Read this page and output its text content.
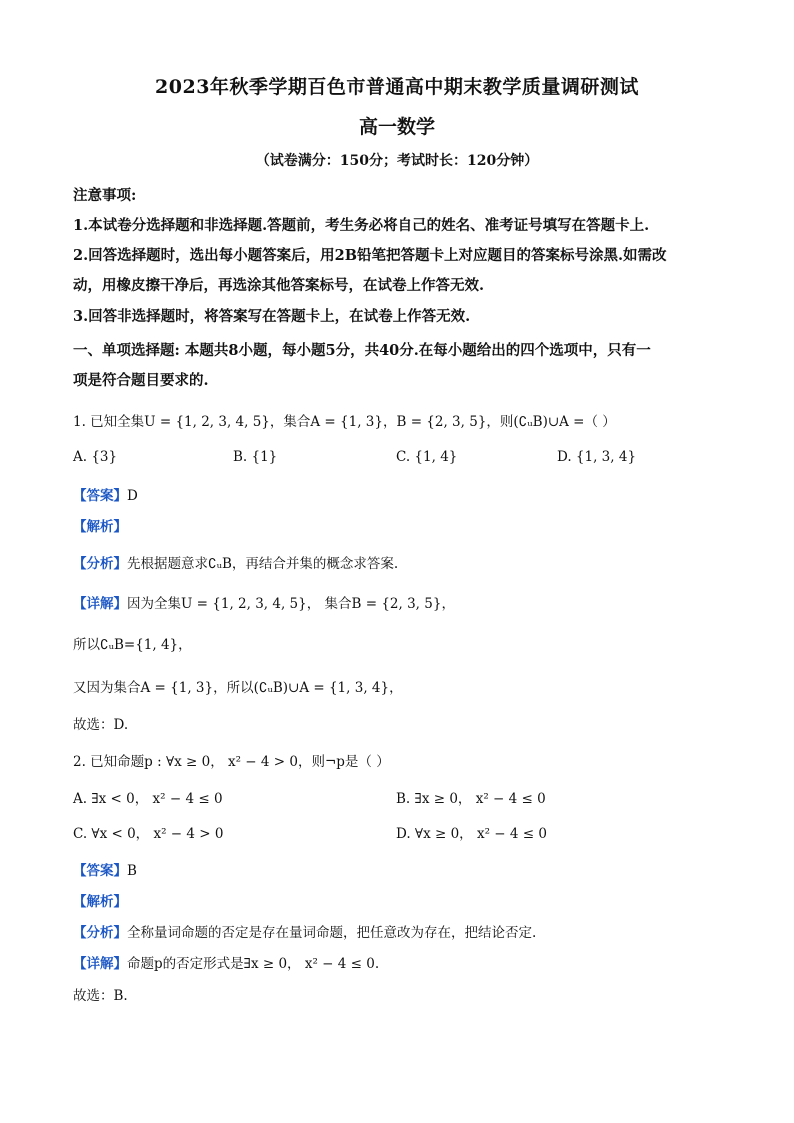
2023年秋季学期百色市普通高中期末教学质量调研测试
高一数学
（试卷满分：150分；考试时长：120分钟）
注意事项:
1.本试卷分选择题和非选择题.答题前，考生务必将自己的姓名、准考证号填写在答题卡上.
2.回答选择题时，选出每小题答案后，用2B铅笔把答题卡上对应题目的答案标号涂黑.如需改
动，用橡皮擦干净后，再选涂其他答案标号，在试卷上作答无效.
3.回答非选择题时，将答案写在答题卡上，在试卷上作答无效.
一、单项选择题: 本题共8小题，每小题5分，共40分.在每小题给出的四个选项中，只有一
项是符合题目要求的.
1. 已知全集U = {1, 2, 3, 4, 5}，集合A = {1, 3}，B = {2, 3, 5}，则(∁ᵤB)∪A =（ ）
A. {3}	B. {1}	C. {1, 4}	D. {1, 3, 4}
【答案】D
【解析】
【分析】先根据题意求∁ᵤB，再结合并集的概念求答案.
【详解】因为全集U = {1, 2, 3, 4, 5}， 集合B = {2, 3, 5}，
所以∁ᵤB={1, 4}，
又因为集合A = {1, 3}，所以(∁ᵤB)∪A = {1, 3, 4}，
故选：D.
2. 已知命题p : ∀x ≥ 0， x² − 4 > 0，则¬p是（ ）
A. ∃x < 0， x² − 4 ≤ 0	B. ∃x ≥ 0， x² − 4 ≤ 0
C. ∀x < 0， x² − 4 > 0	D. ∀x ≥ 0， x² − 4 ≤ 0
【答案】B
【解析】
【分析】全称量词命题的否定是存在量词命题，把任意改为存在，把结论否定.
【详解】命题p的否定形式是∃x ≥ 0， x² − 4 ≤ 0.
故选：B.
